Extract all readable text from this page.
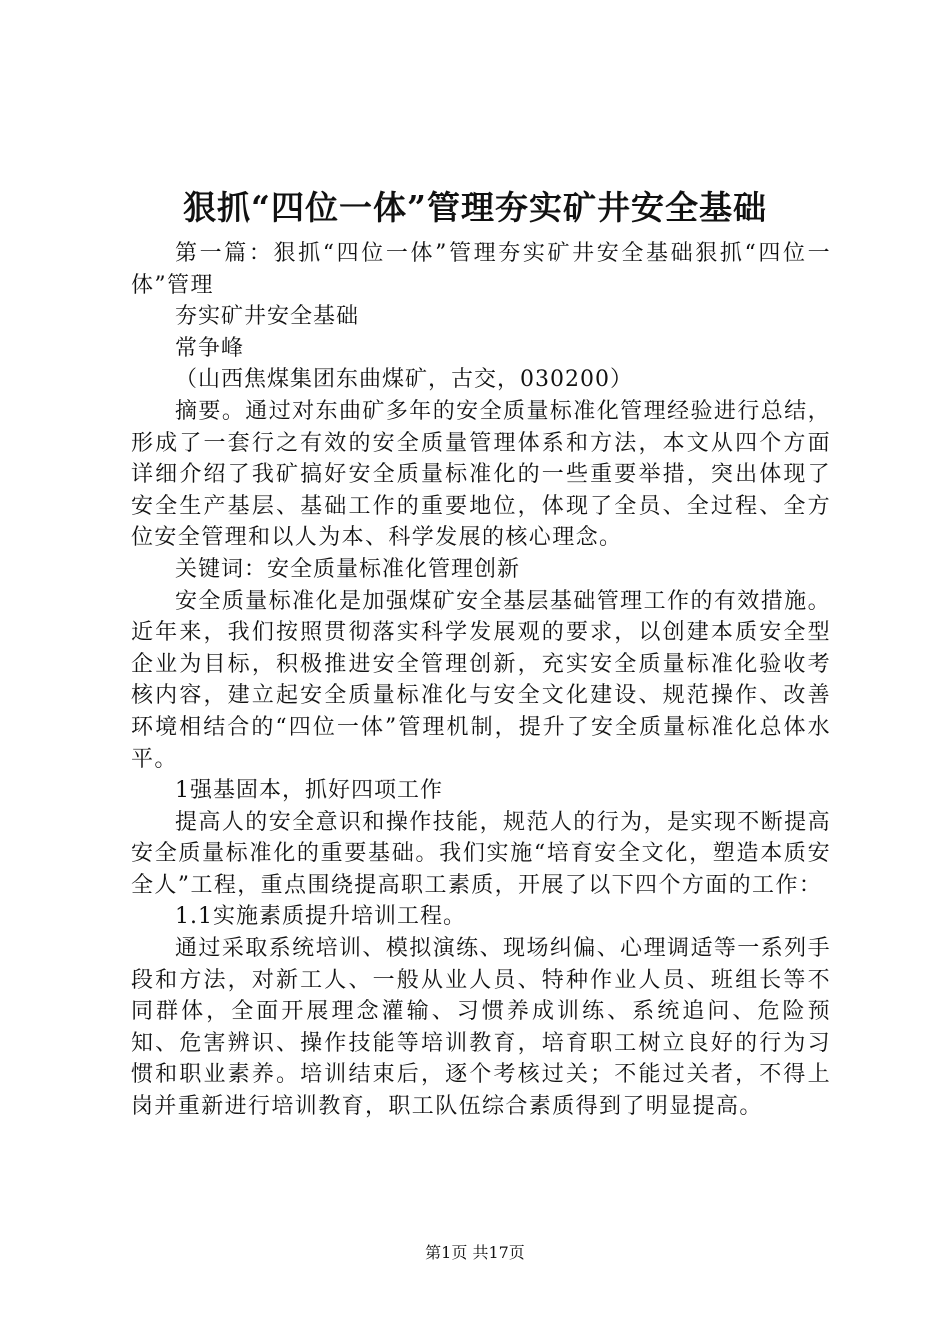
狠抓“四位一体”管理夯实矿井安全基础

第一篇：狠抓“四位一体”管理夯实矿井安全基础狠抓“四位一体”管理

夯实矿井安全基础

常争峰

（山西焦煤集团东曲煤矿，古交，030200）

摘要。通过对东曲矿多年的安全质量标准化管理经验进行总结，形成了一套行之有效的安全质量管理体系和方法，本文从四个方面详细介绍了我矿搞好安全质量标准化的一些重要举措，突出体现了安全生产基层、基础工作的重要地位，体现了全员、全过程、全方位安全管理和以人为本、科学发展的核心理念。

关键词：安全质量标准化管理创新

安全质量标准化是加强煤矿安全基层基础管理工作的有效措施。近年来，我们按照贯彻落实科学发展观的要求，以创建本质安全型企业为目标，积极推进安全管理创新，充实安全质量标准化验收考核内容，建立起安全质量标准化与安全文化建设、规范操作、改善环境相结合的“四位一体”管理机制，提升了安全质量标准化总体水平。

1强基固本，抓好四项工作

提高人的安全意识和操作技能，规范人的行为，是实现不断提高安全质量标准化的重要基础。我们实施“培育安全文化，塑造本质安全人”工程，重点围绕提高职工素质，开展了以下四个方面的工作：

1.1实施素质提升培训工程。

通过采取系统培训、模拟演练、现场纠偏、心理调适等一系列手段和方法，对新工人、一般从业人员、特种作业人员、班组长等不同群体，全面开展理念灌输、习惯养成训练、系统追问、危险预知、危害辨识、操作技能等培训教育，培育职工树立良好的行为习惯和职业素养。培训结束后，逐个考核过关；不能过关者，不得上岗并重新进行培训教育，职工队伍综合素质得到了明显提高。

第1页 共17页
